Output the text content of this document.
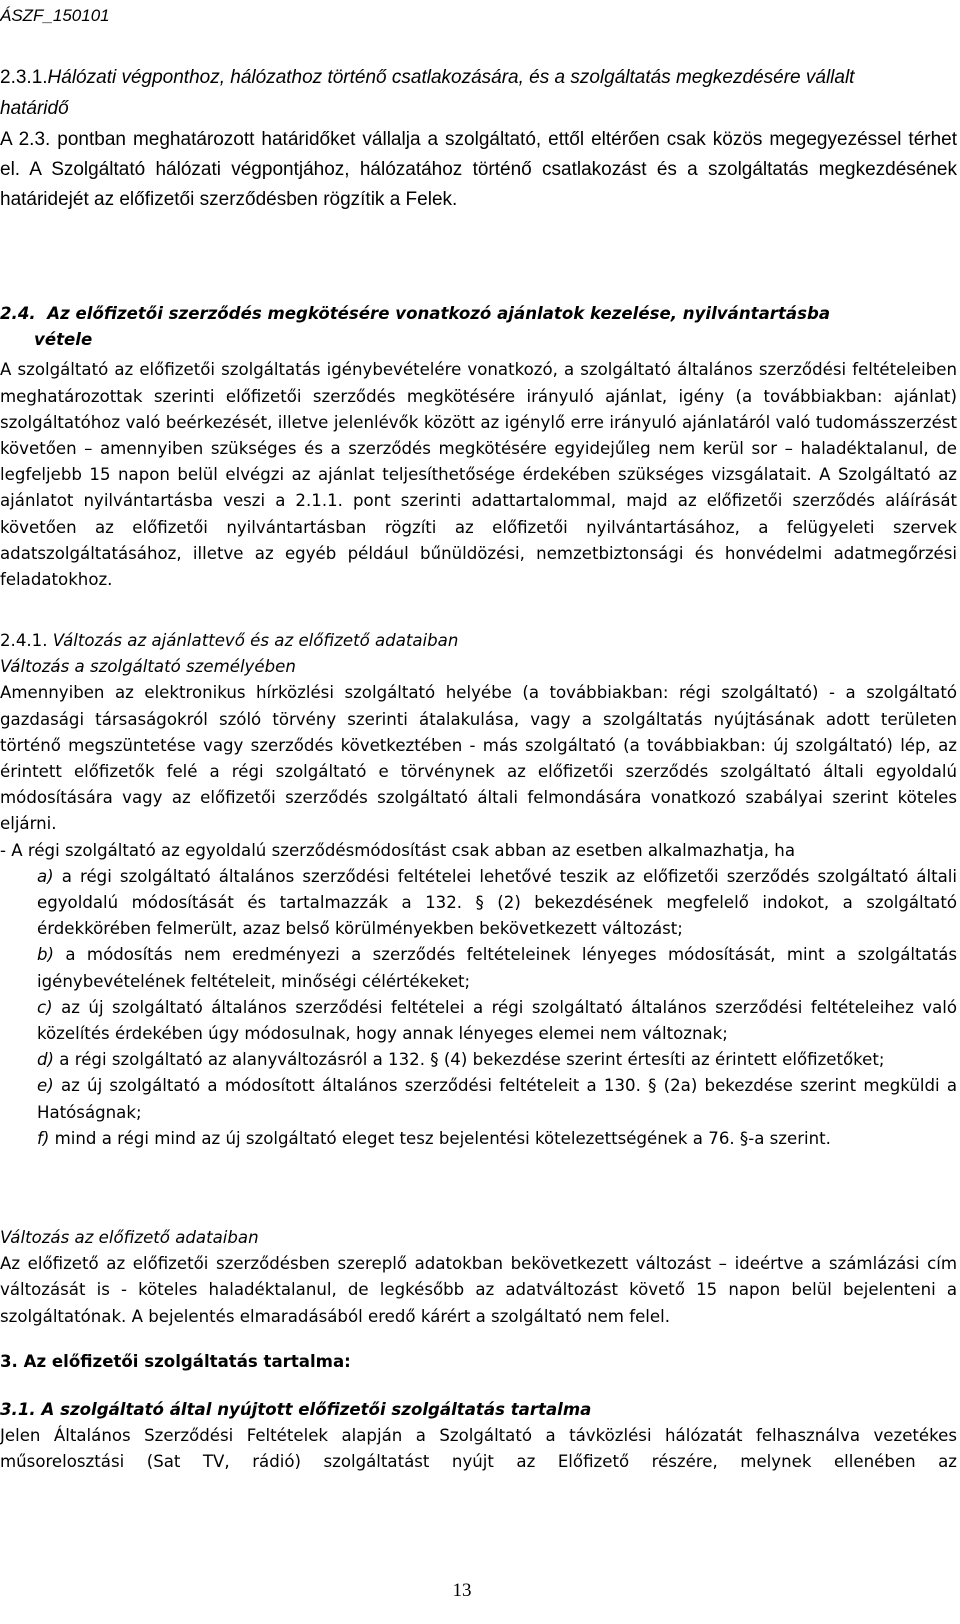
ÁSZF_150101
2.3.1.Hálózati végponthoz, hálózathoz történő csatlakozására, és a szolgáltatás megkezdésére vállalt
határidő

A 2.3. pontban meghatározott határidőket vállalja a szolgáltató, ettől eltérően csak közös megegyezéssel térhet el. A Szolgáltató hálózati végpontjához, hálózatához történő csatlakozást és a szolgáltatás megkezdésének határidejét az előfizetői szerződésben rögzítik a Felek.

2.4. Az előfizetői szerződés megkötésére vonatkozó ajánlatok kezelése, nyilvántartásba
vétele

A szolgáltató az előfizetői szolgáltatás igénybevételére vonatkozó, a szolgáltató általános szerződési feltételeiben meghatározottak szerinti előfizetői szerződés megkötésére irányuló ajánlat, igény (a továbbiakban: ajánlat) szolgáltatóhoz való beérkezését, illetve jelenlévők között az igénylő erre irányuló ajánlatáról való tudomásszerzést követően – amennyiben szükséges és a szerződés megkötésére egyidejűleg nem kerül sor – haladéktalanul, de legfeljebb 15 napon belül elvégzi az ajánlat teljesíthetősége érdekében szükséges vizsgálatait. A Szolgáltató az ajánlatot nyilvántartásba veszi a 2.1.1. pont szerinti adattartalommal, majd az előfizetői szerződés aláírását követően az előfizetői nyilvántartásban rögzíti az előfizetői nyilvántartásához, a felügyeleti szervek adatszolgáltatásához, illetve az egyéb például bűnüldözési, nemzetbiztonsági és honvédelmi adatmegőrzési feladatokhoz.

2.4.1. Változás az ajánlattevő és az előfizető adataiban
Változás a szolgáltató személyében

Amennyiben az elektronikus hírközlési szolgáltató helyébe (a továbbiakban: régi szolgáltató) - a szolgáltató gazdasági társaságokról szóló törvény szerinti átalakulása, vagy a szolgáltatás nyújtásának adott területen történő megszüntetése vagy szerződés következtében - más szolgáltató (a továbbiakban: új szolgáltató) lép, az érintett előfizetők felé a régi szolgáltató e törvénynek az előfizetői szerződés szolgáltató általi egyoldalú módosítására vagy az előfizetői szerződés szolgáltató általi felmondására vonatkozó szabályai szerint köteles eljárni.

- A régi szolgáltató az egyoldalú szerződésmódosítást csak abban az esetben alkalmazhatja, ha

a) a régi szolgáltató általános szerződési feltételei lehetővé teszik az előfizetői szerződés szolgáltató általi egyoldalú módosítását és tartalmazzák a 132. § (2) bekezdésének megfelelő indokot, a szolgáltató érdekkörében felmerült, azaz belső körülményekben bekövetkezett változást;

b) a módosítás nem eredményezi a szerződés feltételeinek lényeges módosítását, mint a szolgáltatás igénybevételének feltételeit, minőségi célértékeket;

c) az új szolgáltató általános szerződési feltételei a régi szolgáltató általános szerződési feltételeihez való közelítés érdekében úgy módosulnak, hogy annak lényeges elemei nem változnak;

d) a régi szolgáltató az alanyváltozásról a 132. § (4) bekezdése szerint értesíti az érintett előfizetőket;

e) az új szolgáltató a módosított általános szerződési feltételeit a 130. § (2a) bekezdése szerint megküldi a Hatóságnak;

f) mind a régi mind az új szolgáltató eleget tesz bejelentési kötelezettségének a 76. §-a szerint.

Változás az előfizető adataiban

Az előfizető az előfizetői szerződésben szereplő adatokban bekövetkezett változást – ideértve a számlázási cím változását is - köteles haladéktalanul, de legkésőbb az adatváltozást követő 15 napon belül bejelenteni a szolgáltatónak. A bejelentés elmaradásából eredő kárért a szolgáltató nem felel.

3. Az előfizetői szolgáltatás tartalma:
3.1. A szolgáltató által nyújtott előfizetői szolgáltatás tartalma

Jelen Általános Szerződési Feltételek alapján a Szolgáltató a távközlési hálózatát felhasználva vezetékes műsorelosztási (Sat TV, rádió) szolgáltatást nyújt az Előfizető részére, melynek ellenében az

13
